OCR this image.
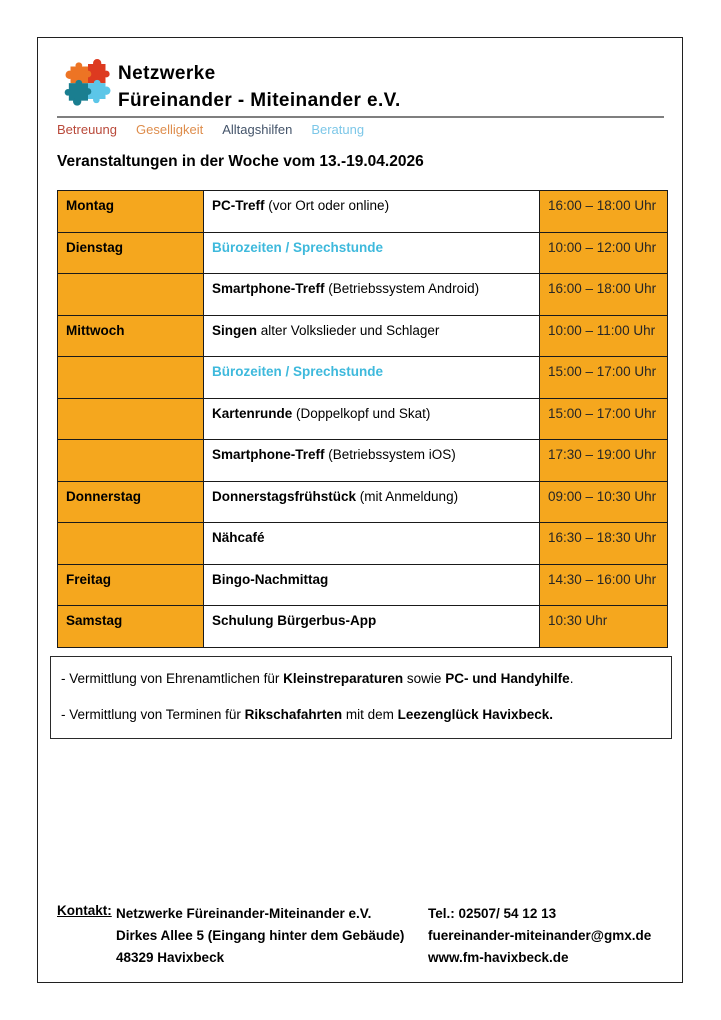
Netzwerke
Füreinander - Miteinander e.V.
Betreuung Geselligkeit Alltagshilfen Beratung
Veranstaltungen in der Woche vom 13.-19.04.2026
Montag	PC-Treff (vor Ort oder online)	16:00 – 18:00 Uhr
Dienstag	Bürozeiten / Sprechstunde	10:00 – 12:00 Uhr
	Smartphone-Treff (Betriebssystem Android)	16:00 – 18:00 Uhr
Mittwoch	Singen alter Volkslieder und Schlager	10:00 – 11:00 Uhr
	Bürozeiten / Sprechstunde	15:00 – 17:00 Uhr
	Kartenrunde (Doppelkopf und Skat)	15:00 – 17:00 Uhr
	Smartphone-Treff (Betriebssystem iOS)	17:30 – 19:00 Uhr
Donnerstag	Donnerstagsfrühstück (mit Anmeldung)	09:00 – 10:30 Uhr
	Nähcafé	16:30 – 18:30 Uhr
Freitag	Bingo-Nachmittag	14:30 – 16:00 Uhr
Samstag	Schulung Bürgerbus-App	10:30 Uhr
- Vermittlung von Ehrenamtlichen für Kleinstreparaturen sowie PC- und Handyhilfe.
- Vermittlung von Terminen für Rikschafahrten mit dem Leezenglück Havixbeck.
Kontakt: Netzwerke Füreinander-Miteinander e.V.
Dirkes Allee 5 (Eingang hinter dem Gebäude)
48329 Havixbeck
Tel.: 02507/ 54 12 13
fuereinander-miteinander@gmx.de
www.fm-havixbeck.de
